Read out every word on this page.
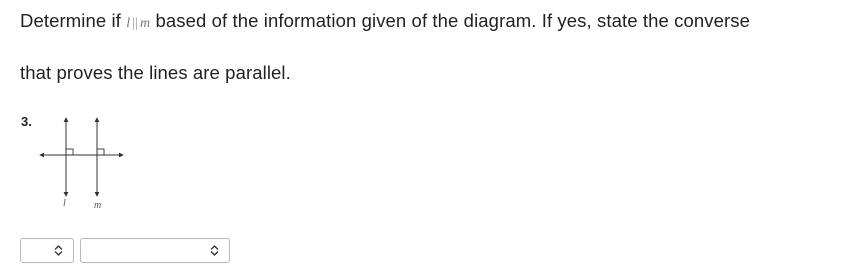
Determine if l || m based of the information given of the diagram. If yes, state the converse
that proves the lines are parallel.
3.
l	m
